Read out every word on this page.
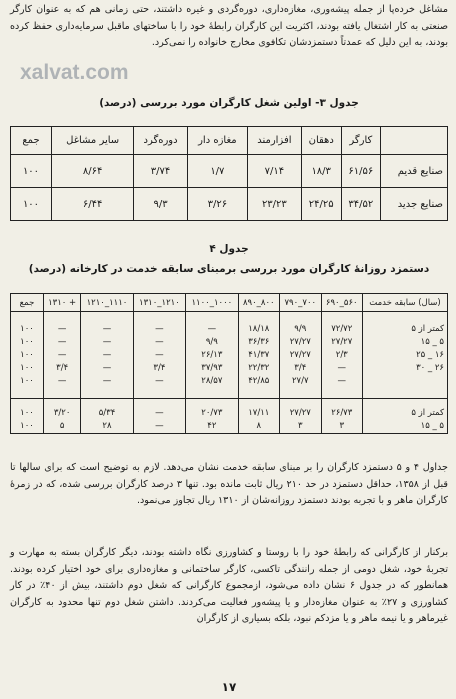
مشاغل خرده‌پا از جمله پیشه‌وری، مغازه‌داری، دوره‌گردی و غیره داشتند، حتی زمانی هم که به عنوان کارگر صنعتی به کار اشتغال یافته بودند، اکثریت این کارگران رابطهٔ خود را با ساختهای ماقبل سرمایه‌داری حفظ کرده بودند، به این دلیل که عمدتاً دستمزدشان تکافوی مخارج خانواده را نمی‌کرد.

جدول ۳- اولین شغل کارگران مورد بررسی (درصد)

	کارگر	دهقان	افزارمند	مغازه دار	دوره‌گرد	سایر مشاغل	جمع
صنایع قدیم	۶۱/۵۶	۱۸/۳	۷/۱۴	۱/۷	۳/۷۴	۸/۶۴	۱۰۰
صنایع جدید	۳۴/۵۲	۲۴/۲۵	۲۳/۲۳	۳/۲۶	۹/۳	۶/۴۴	۱۰۰

جدول ۴

دستمزد روزانهٔ کارگران مورد بررسی برمبنای سابقه خدمت در کارخانه (درصد)

(سال) سابقه خدمت	۵۶۰_۶۹۰	۷۰۰_۷۹۰	۸۰۰_۸۹۰	۱۰۰۰_۱۱۰۰	۱۲۱۰_۱۳۱۰	۱۱۱۰_۱۲۱۰	+ ۱۳۱۰	جمع

کمتر از ۵	۷۲/۷۲	۹/۹	۱۸/۱۸	—	—	—	—	۱۰۰
۵ _ ۱۵	۲۷/۲۷	۲۷/۲۷	۳۶/۳۶	۹/۹	—	—	—	۱۰۰
۱۶ _ ۲۵	۲/۳	۲۷/۲۷	۴۱/۳۷	۲۶/۱۳	—	—	—	۱۰۰
۲۶ _ ۳۰	—	۳/۴	۲۲/۳۲	۳۷/۹۳	۳/۴	—	۳/۴	۱۰۰
	—	۲۷/۷	۴۲/۸۵	۲۸/۵۷	—	—	—	۱۰۰

کمتر از ۵	۲۶/۷۳	۲۷/۲۷	۱۷/۱۱	۲۰/۷۳	—	۵/۳۴	۳/۲۰	۱۰۰
۵ _ ۱۵	۳	۳	۸	۴۲	—	۲۸	۵	۱۰۰

جداول ۴ و ۵ دستمزد کارگران را بر مبنای سابقه خدمت نشان می‌دهد. لازم به توضیح است که برای سالها تا قبل از ۱۳۵۸، حداقل دستمزد در حد ۲۱۰ ریال ثابت مانده بود. تنها ۳ درصد کارگران بررسی شده، که در زمرهٔ کارگران ماهر و با تجربه بودند دستمزد روزانه‌شان از ۱۳۱۰ ریال تجاوز می‌نمود.

برکنار از کارگرانی که رابطهٔ خود را با روستا و کشاورزی نگاه داشته بودند، دیگر کارگران بسته به مهارت و تجربهٔ خود، شغل دومی از جمله رانندگی تاکسی، کارگر ساختمانی و مغازه‌داری برای خود اختیار کرده بودند. همانطور که در جدول ۶ نشان داده می‌شود، ازمجموع کارگرانی که شغل دوم داشتند، بیش از ۴۰٪ در کار کشاورزی و ۲۷٪ به عنوان مغازه‌دار و یا پیشه‌ور فعالیت می‌کردند. داشتن شغل دوم تنها محدود به کارگران غیرماهر و یا نیمه ماهر و یا مزدکم نبود، بلکه بسیاری از کارگران

۱۷
xalvat.com
